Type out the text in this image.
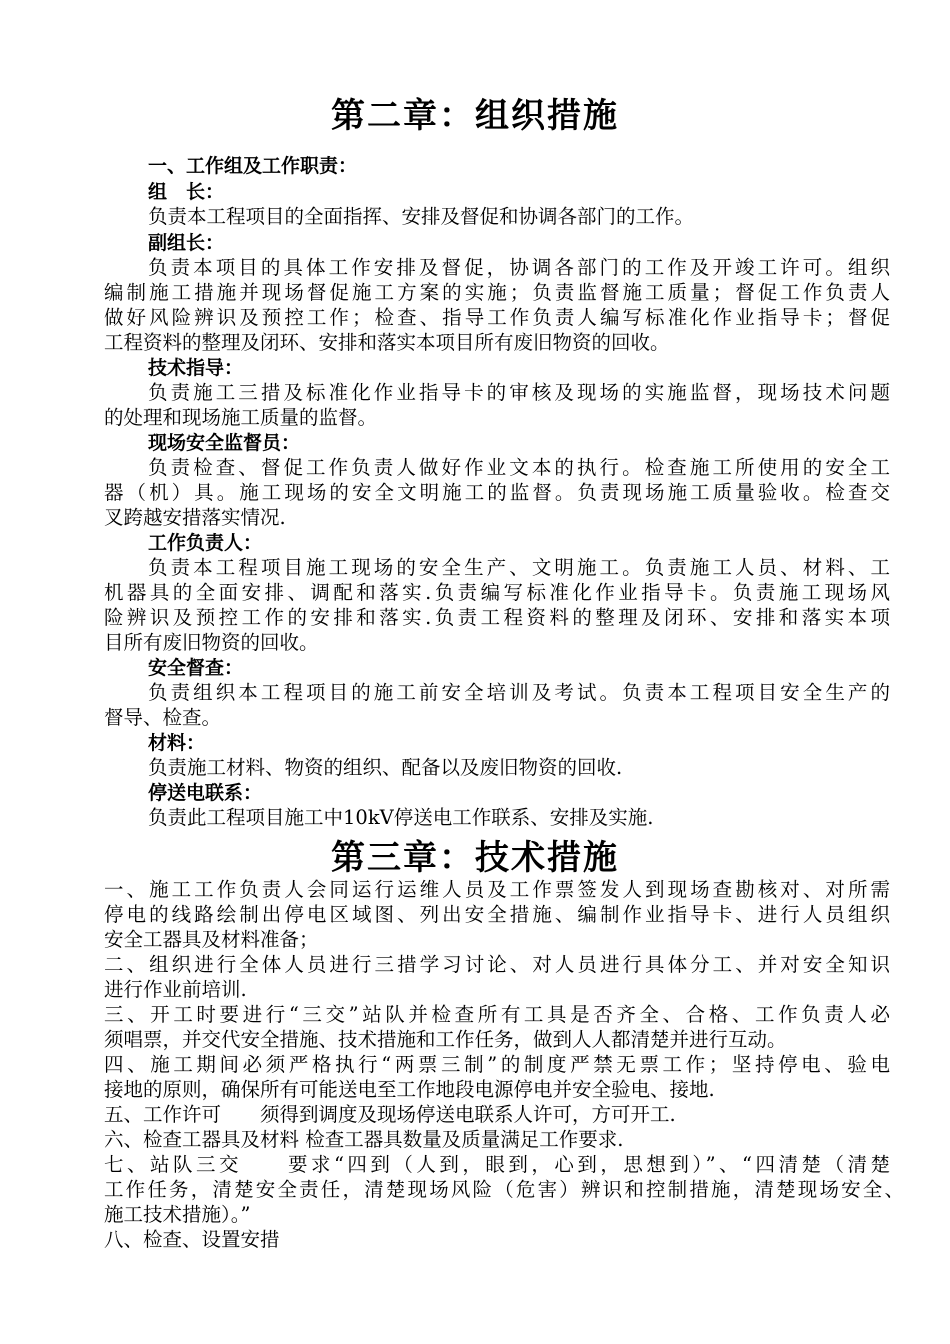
第二章：组织措施
一、工作组及工作职责：
组　长：
负责本工程项目的全面指挥、安排及督促和协调各部门的工作。
副组长：
负责本项目的具体工作安排及督促，协调各部门的工作及开竣工许可。组织
编制施工措施并现场督促施工方案的实施；负责监督施工质量；督促工作负责人
做好风险辨识及预控工作；检查、指导工作负责人编写标准化作业指导卡；督促
工程资料的整理及闭环、安排和落实本项目所有废旧物资的回收。
技术指导：
负责施工三措及标准化作业指导卡的审核及现场的实施监督，现场技术问题
的处理和现场施工质量的监督。
现场安全监督员：
负责检查、督促工作负责人做好作业文本的执行。检查施工所使用的安全工
器（机）具。施工现场的安全文明施工的监督。负责现场施工质量验收。检查交
叉跨越安措落实情况.
工作负责人：
负责本工程项目施工现场的安全生产、文明施工。负责施工人员、材料、工
机器具的全面安排、调配和落实.负责编写标准化作业指导卡。负责施工现场风
险辨识及预控工作的安排和落实.负责工程资料的整理及闭环、安排和落实本项
目所有废旧物资的回收。
安全督查：
负责组织本工程项目的施工前安全培训及考试。负责本工程项目安全生产的
督导、检查。
材料：
负责施工材料、物资的组织、配备以及废旧物资的回收.
停送电联系：
负责此工程项目施工中10kV停送电工作联系、安排及实施.
第三章：技术措施
一、施工工作负责人会同运行运维人员及工作票签发人到现场查勘核对、对所需
停电的线路绘制出停电区域图、列出安全措施、编制作业指导卡、进行人员组织
安全工器具及材料准备；
二、组织进行全体人员进行三措学习讨论、对人员进行具体分工、并对安全知识
进行作业前培训.
三、开工时要进行“三交”站队并检查所有工具是否齐全、合格、工作负责人必
须唱票，并交代安全措施、技术措施和工作任务，做到人人都清楚并进行互动。
四、施工期间必须严格执行“两票三制”的制度严禁无票工作；坚持停电、验电
接地的原则，确保所有可能送电至工作地段电源停电并安全验电、接地.
五、工作许可　　须得到调度及现场停送电联系人许可，方可开工.
六、检查工器具及材料 检查工器具数量及质量满足工作要求.
七、站队三交　　要求“四到（人到，眼到，心到，思想到）”、“四清楚（清楚
工作任务，清楚安全责任，清楚现场风险（危害）辨识和控制措施，清楚现场安全、
施工技术措施）。”
八、检查、设置安措
